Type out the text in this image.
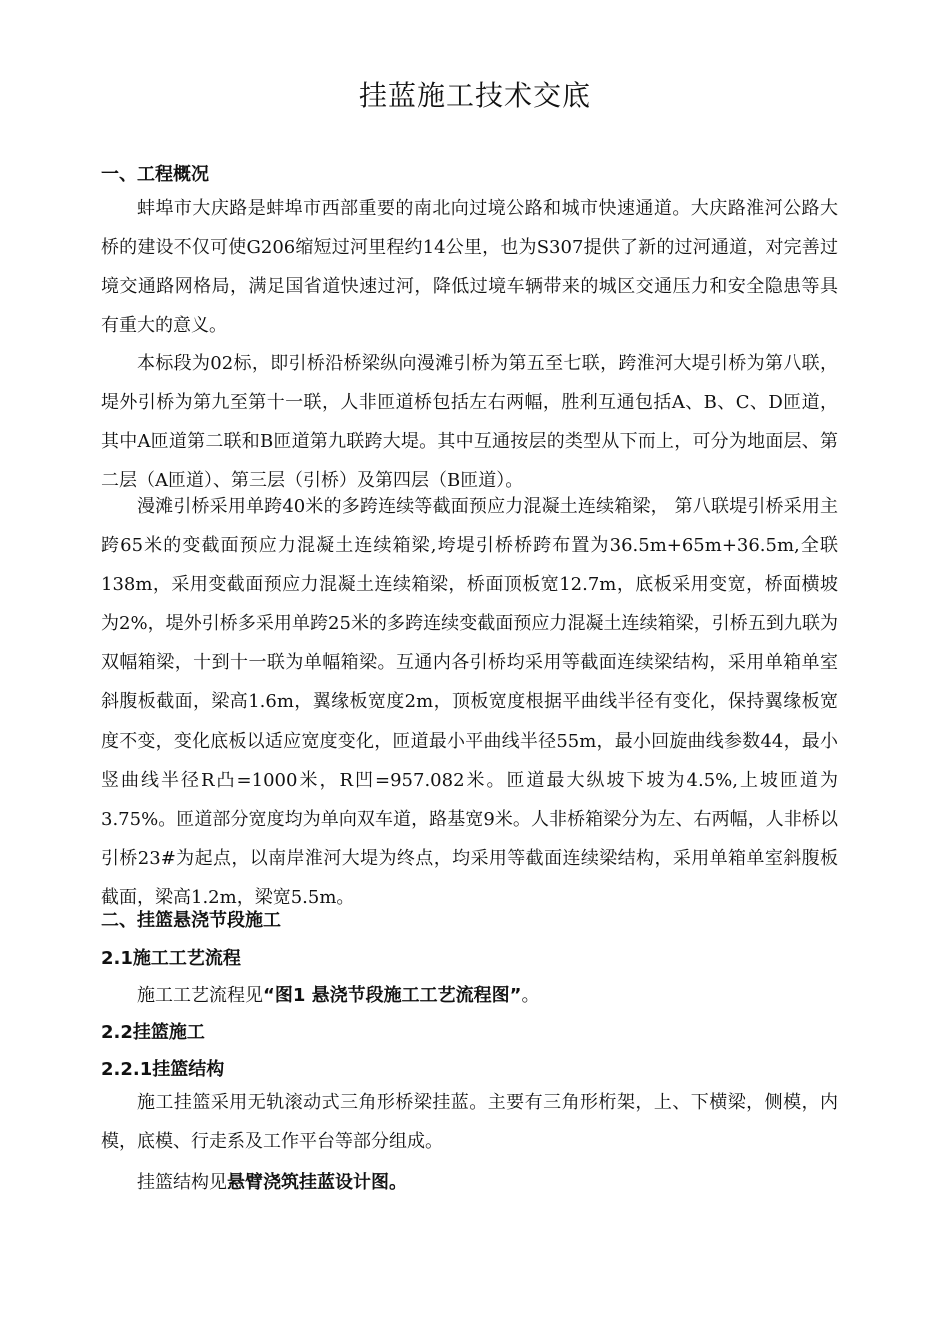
挂蓝施工技术交底
一、工程概况

蚌埠市大庆路是蚌埠市西部重要的南北向过境公路和城市快速通道。大庆路淮河公路大桥的建设不仅可使G206缩短过河里程约14公里，也为S307提供了新的过河通道，对完善过境交通路网格局，满足国省道快速过河，降低过境车辆带来的城区交通压力和安全隐患等具有重大的意义。

本标段为02标，即引桥沿桥梁纵向漫滩引桥为第五至七联，跨淮河大堤引桥为第八联，堤外引桥为第九至第十一联，人非匝道桥包括左右两幅，胜利互通包括A、B、C、D匝道，其中A匝道第二联和B匝道第九联跨大堤。其中互通按层的类型从下而上，可分为地面层、第二层（A匝道）、第三层（引桥）及第四层（B匝道）。

漫滩引桥采用单跨40米的多跨连续等截面预应力混凝土连续箱梁， 第八联堤引桥采用主跨65米的变截面预应力混凝土连续箱梁,垮堤引桥桥跨布置为36.5m+65m+36.5m,全联138m，采用变截面预应力混凝土连续箱梁，桥面顶板宽12.7m，底板采用变宽，桥面横坡为2%，堤外引桥多采用单跨25米的多跨连续变截面预应力混凝土连续箱梁，引桥五到九联为双幅箱梁，十到十一联为单幅箱梁。互通内各引桥均采用等截面连续梁结构，采用单箱单室斜腹板截面，梁高1.6m，翼缘板宽度2m，顶板宽度根据平曲线半径有变化，保持翼缘板宽度不变，变化底板以适应宽度变化，匝道最小平曲线半径55m，最小回旋曲线参数44，最小竖曲线半径R凸=1000米，R凹=957.082米。匝道最大纵坡下坡为4.5%,上坡匝道为3.75%。匝道部分宽度均为单向双车道，路基宽9米。人非桥箱梁分为左、右两幅，人非桥以引桥23#为起点，以南岸淮河大堤为终点，均采用等截面连续梁结构，采用单箱单室斜腹板截面，梁高1.2m，梁宽5.5m。

二、挂篮悬浇节段施工
2.1施工工艺流程
施工工艺流程见“图1 悬浇节段施工工艺流程图”。
2.2挂篮施工
2.2.1挂篮结构

施工挂篮采用无轨滚动式三角形桥梁挂蓝。主要有三角形桁架，上、下横梁，侧模，内模，底模、行走系及工作平台等部分组成。

挂篮结构见悬臂浇筑挂蓝设计图。
